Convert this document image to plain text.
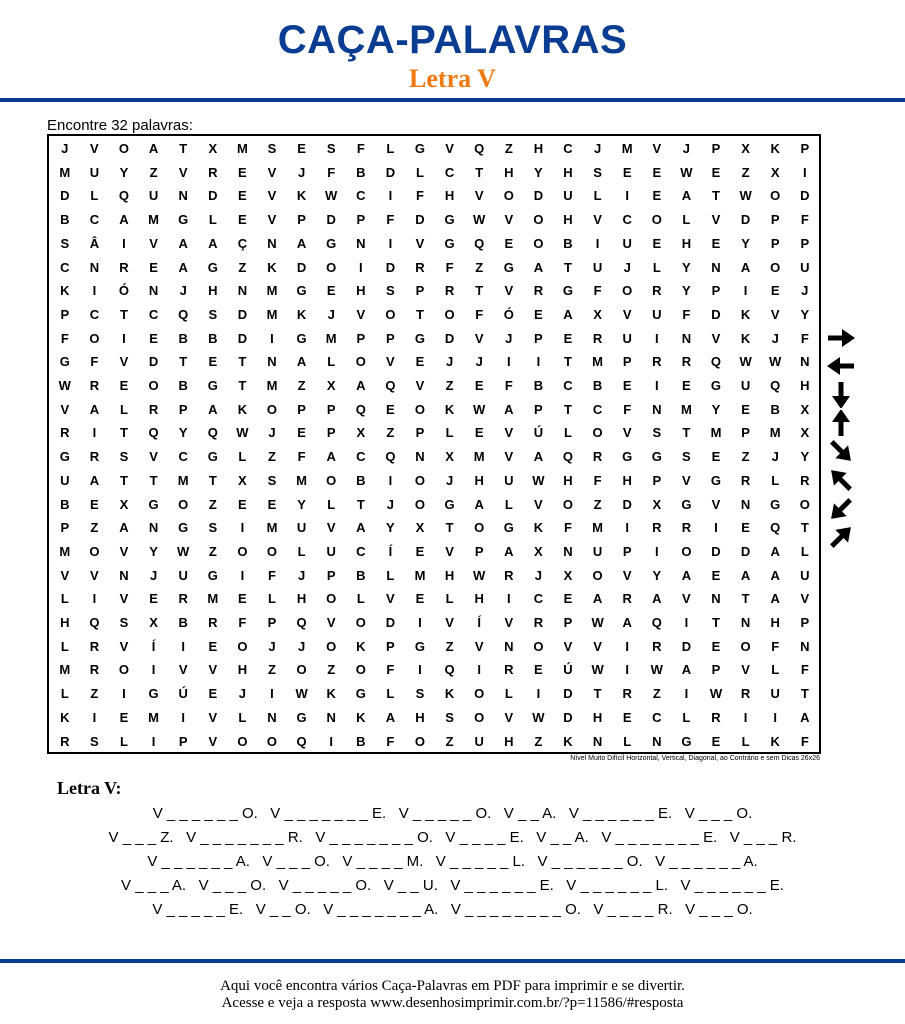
CAÇA-PALAVRAS
Letra V
Encontre 32 palavras:
J	V	O	A	T	X	M	S	E	S	F	L	G	V	Q	Z	H	C	J	M	V	J	P	X	K	P
M	U	Y	Z	V	R	E	V	J	F	B	D	L	C	T	H	Y	H	S	E	E	W	E	Z	X	I
D	L	Q	U	N	D	E	V	K	W	C	I	F	H	V	O	D	U	L	I	E	A	T	W	O	D
B	C	A	M	G	L	E	V	P	D	P	F	D	G	W	V	O	H	V	C	O	L	V	D	P	F
S	Â	I	V	A	A	Ç	N	A	G	N	I	V	G	Q	E	O	B	I	U	E	H	E	Y	P	P
C	N	R	E	A	G	Z	K	D	O	I	D	R	F	Z	G	A	T	U	J	L	Y	N	A	O	U
K	I	Ó	N	J	H	N	M	G	E	H	S	P	R	T	V	R	G	F	O	R	Y	P	I	E	J
P	C	T	C	Q	S	D	M	K	J	V	O	T	O	F	Ó	E	A	X	V	U	F	D	K	V	Y
F	O	I	E	B	B	D	I	G	M	P	P	G	D	V	J	P	E	R	U	I	N	V	K	J	F
G	F	V	D	T	E	T	N	A	L	O	V	E	J	J	I	I	T	M	P	R	R	Q	W	W	N
W	R	E	O	B	G	T	M	Z	X	A	Q	V	Z	E	F	B	C	B	E	I	E	G	U	Q	H
V	A	L	R	P	A	K	O	P	P	Q	E	O	K	W	A	P	T	C	F	N	M	Y	E	B	X
R	I	T	Q	Y	Q	W	J	E	P	X	Z	P	L	E	V	Ú	L	O	V	S	T	M	P	M	X
G	R	S	V	C	G	L	Z	F	A	C	Q	N	X	M	V	A	Q	R	G	G	S	E	Z	J	Y
U	A	T	T	M	T	X	S	M	O	B	I	O	J	H	U	W	H	F	H	P	V	G	R	L	R
B	E	X	G	O	Z	E	E	Y	L	T	J	O	G	A	L	V	O	Z	D	X	G	V	N	G	O
P	Z	A	N	G	S	I	M	U	V	A	Y	X	T	O	G	K	F	M	I	R	R	I	E	Q	T
M	O	V	Y	W	Z	O	O	L	U	C	Í	E	V	P	A	X	N	U	P	I	O	D	D	A	L
V	V	N	J	U	G	I	F	J	P	B	L	M	H	W	R	J	X	O	V	Y	A	E	A	A	U
L	I	V	E	R	M	E	L	H	O	L	V	E	L	H	I	C	E	A	R	A	V	N	T	A	V
H	Q	S	X	B	R	F	P	Q	V	O	D	I	V	Í	V	R	P	W	A	Q	I	T	N	H	P
L	R	V	Í	I	E	O	J	J	O	K	P	G	Z	V	N	O	V	V	I	R	D	E	O	F	N
M	R	O	I	V	V	H	Z	O	Z	O	F	I	Q	I	R	E	Ú	W	I	W	A	P	V	L	F
L	Z	I	G	Ú	E	J	I	W	K	G	L	S	K	O	L	I	D	T	R	Z	I	W	R	U	T
K	I	E	M	I	V	L	N	G	N	K	A	H	S	O	V	W	D	H	E	C	L	R	I	I	A
R	S	L	I	P	V	O	O	Q	I	B	F	O	Z	U	H	Z	K	N	L	N	G	E	L	K	F
Nível Muito Difícil Horizontal, Vertical, Diagonal, ao Contrário e sem Dicas 26x26
Letra V:
V _ _ _ _ _ _ O.   V _ _ _ _ _ _ _ E.   V _ _ _ _ _ O.   V _ _ A.   V _ _ _ _ _ _ E.   V _ _ _ O.
V _ _ _ Z.   V _ _ _ _ _ _ _ R.   V _ _ _ _ _ _ _ O.   V _ _ _ _ E.   V _ _ A.   V _ _ _ _ _ _ _ E.   V _ _ _ R.
V _ _ _ _ _ _ A.   V _ _ _ O.   V _ _ _ _ M.   V _ _ _ _ _ L.   V _ _ _ _ _ _ O.   V _ _ _ _ _ _ A.
V _ _ _ A.   V _ _ _ O.   V _ _ _ _ _ O.   V _ _ U.   V _ _ _ _ _ _ E.   V _ _ _ _ _ _ L.   V _ _ _ _ _ _ E.
V _ _ _ _ _ E.   V _ _ O.   V _ _ _ _ _ _ _ A.   V _ _ _ _ _ _ _ _ O.   V _ _ _ _ R.   V _ _ _ O.
Aqui você encontra vários Caça-Palavras em PDF para imprimir e se divertir.
Acesse e veja a resposta www.desenhosimprimir.com.br/?p=11586/#resposta
